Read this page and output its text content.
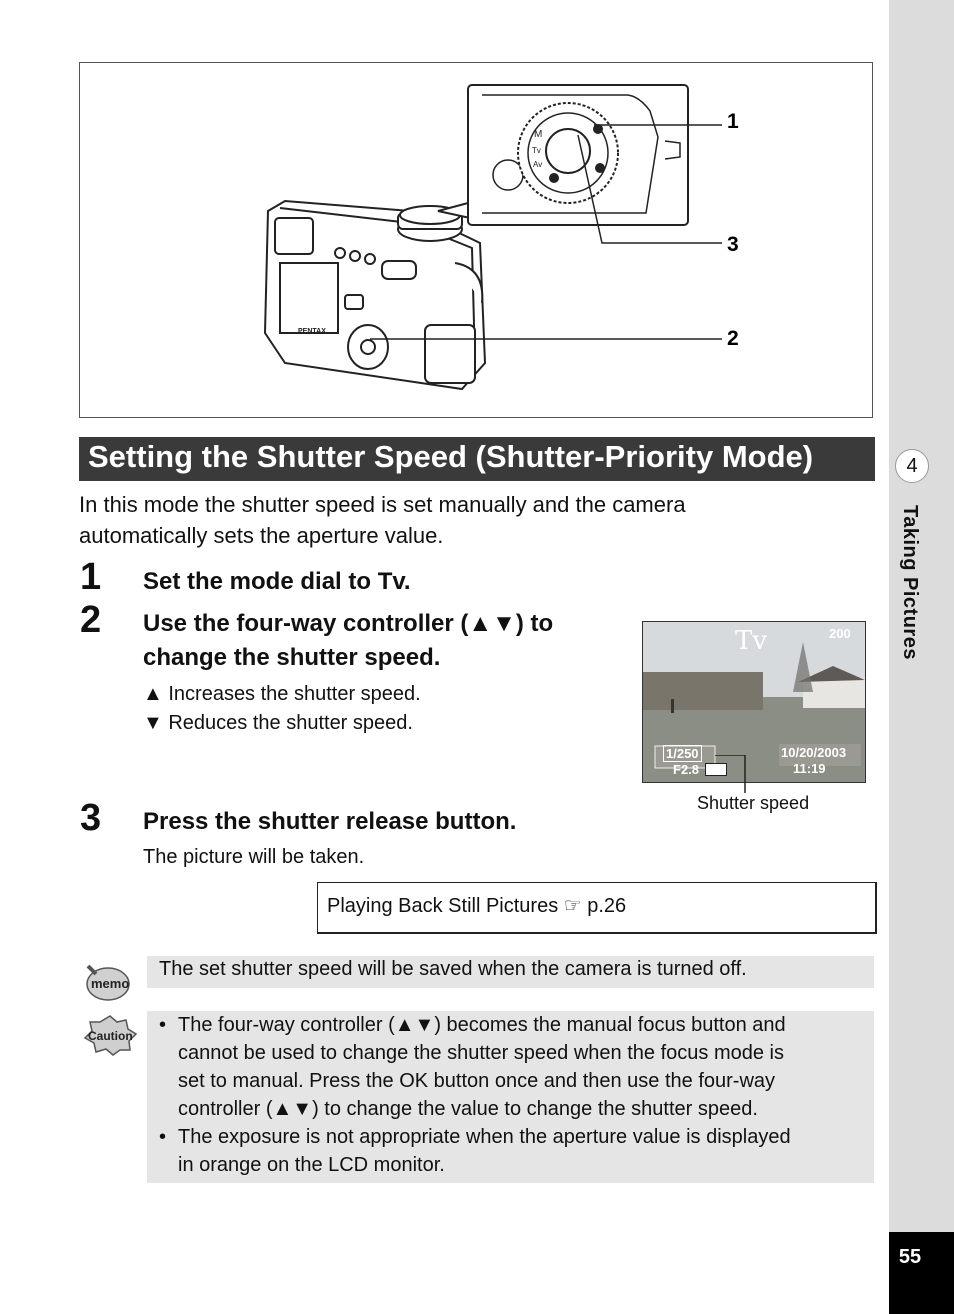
4
Taking Pictures
55
PENTAX
M
Tv
Av
1
3
2
Setting the Shutter Speed (Shutter-Priority Mode)
In this mode the shutter speed is set manually and the camera
automatically sets the aperture value.
1 Set the mode dial to Tv.
2 Use the four-way controller (▲▼) to
change the shutter speed.
▲ Increases the shutter speed.
▼ Reduces the shutter speed.
Tv	200
1/250
F2.8
10/20/2003
11:19
Shutter speed
3 Press the shutter release button.
The picture will be taken.
Playing Back Still Pictures ☞ p.26
memo
The set shutter speed will be saved when the camera is turned off.
Caution
• The four-way controller (▲▼) becomes the manual focus button and
cannot be used to change the shutter speed when the focus mode is
set to manual. Press the OK button once and then use the four-way
controller (▲▼) to change the value to change the shutter speed.
• The exposure is not appropriate when the aperture value is displayed
in orange on the LCD monitor.
